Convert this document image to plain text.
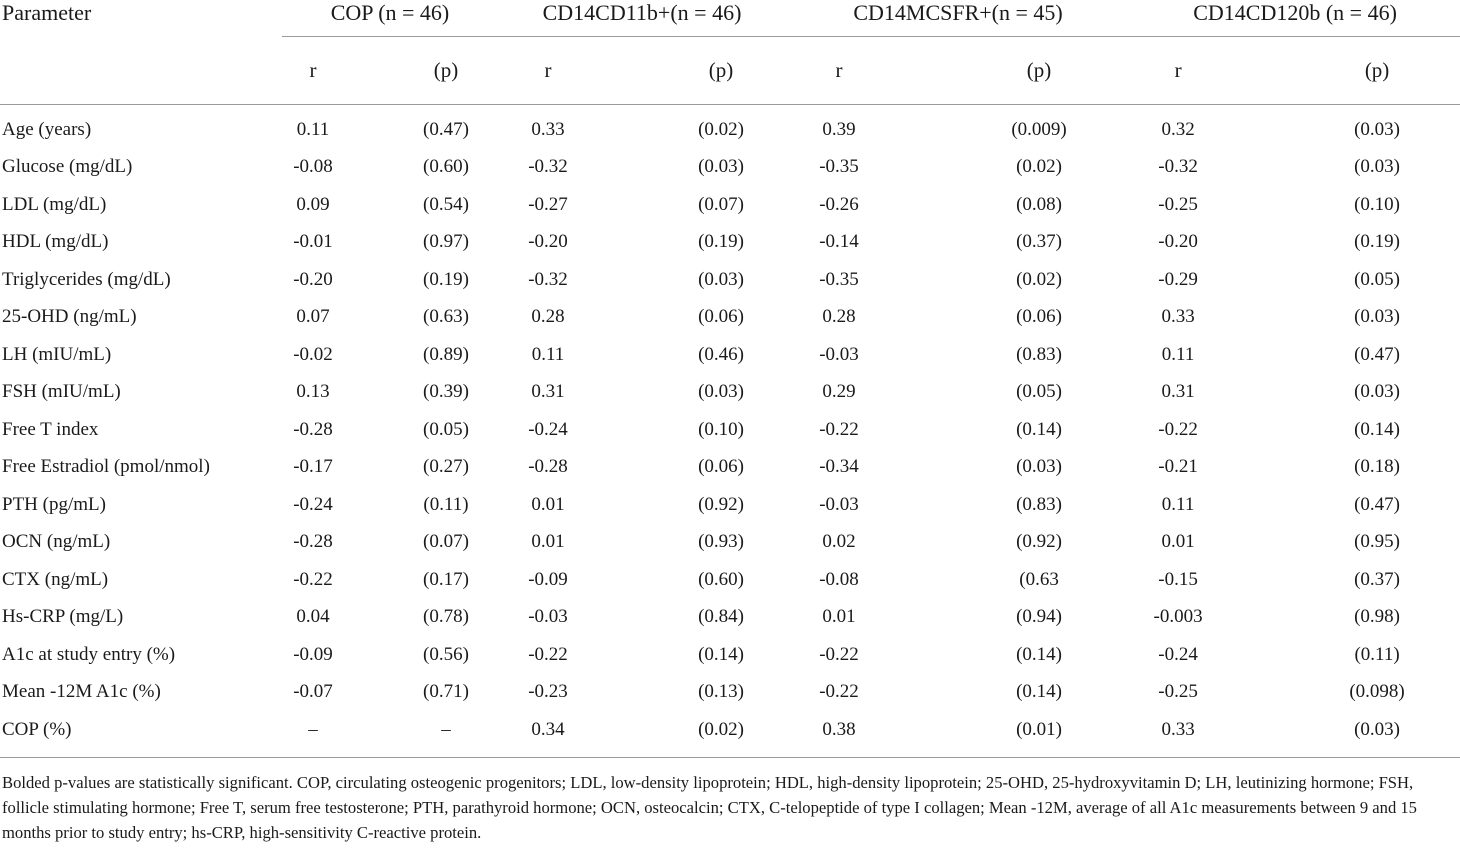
Parameter	COP (n = 46)			CD14CD11b+(n = 46)			CD14MCSFR+(n = 45)			CD14CD120b (n = 46)		

	r		(p)	r		(p)	r		(p)	r		(p)
Age (years)	0.11		(0.47)	0.33		(0.02)	0.39		(0.009)	0.32		(0.03)
Glucose (mg/dL)	-0.08		(0.60)	-0.32		(0.03)	-0.35		(0.02)	-0.32		(0.03)
LDL (mg/dL)	0.09		(0.54)	-0.27		(0.07)	-0.26		(0.08)	-0.25		(0.10)
HDL (mg/dL)	-0.01		(0.97)	-0.20		(0.19)	-0.14		(0.37)	-0.20		(0.19)
Triglycerides (mg/dL)	-0.20		(0.19)	-0.32		(0.03)	-0.35		(0.02)	-0.29		(0.05)
25-OHD (ng/mL)	0.07		(0.63)	0.28		(0.06)	0.28		(0.06)	0.33		(0.03)
LH (mIU/mL)	-0.02		(0.89)	0.11		(0.46)	-0.03		(0.83)	0.11		(0.47)
FSH (mIU/mL)	0.13		(0.39)	0.31		(0.03)	0.29		(0.05)	0.31		(0.03)
Free T index	-0.28		(0.05)	-0.24		(0.10)	-0.22		(0.14)	-0.22		(0.14)
Free Estradiol (pmol/nmol)	-0.17		(0.27)	-0.28		(0.06)	-0.34		(0.03)	-0.21		(0.18)
PTH (pg/mL)	-0.24		(0.11)	0.01		(0.92)	-0.03		(0.83)	0.11		(0.47)
OCN (ng/mL)	-0.28		(0.07)	0.01		(0.93)	0.02		(0.92)	0.01		(0.95)
CTX (ng/mL)	-0.22		(0.17)	-0.09		(0.60)	-0.08		(0.63	-0.15		(0.37)
Hs-CRP (mg/L)	0.04		(0.78)	-0.03		(0.84)	0.01		(0.94)	-0.003		(0.98)
A1c at study entry (%)	-0.09		(0.56)	-0.22		(0.14)	-0.22		(0.14)	-0.24		(0.11)
Mean -12M A1c (%)	-0.07		(0.71)	-0.23		(0.13)	-0.22		(0.14)	-0.25		(0.098)
COP (%)	–		–	0.34		(0.02)	0.38		(0.01)	0.33		(0.03)
Bolded p-values are statistically significant. COP, circulating osteogenic progenitors; LDL, low-density lipoprotein; HDL, high-density lipoprotein; 25-OHD, 25-hydroxyvitamin D; LH, leutinizing hormone; FSH, follicle stimulating hormone; Free T, serum free testosterone; PTH, parathyroid hormone; OCN, osteocalcin; CTX, C-telopeptide of type I collagen; Mean -12M, average of all A1c measurements between 9 and 15 months prior to study entry; hs-CRP, high-sensitivity C-reactive protein.
